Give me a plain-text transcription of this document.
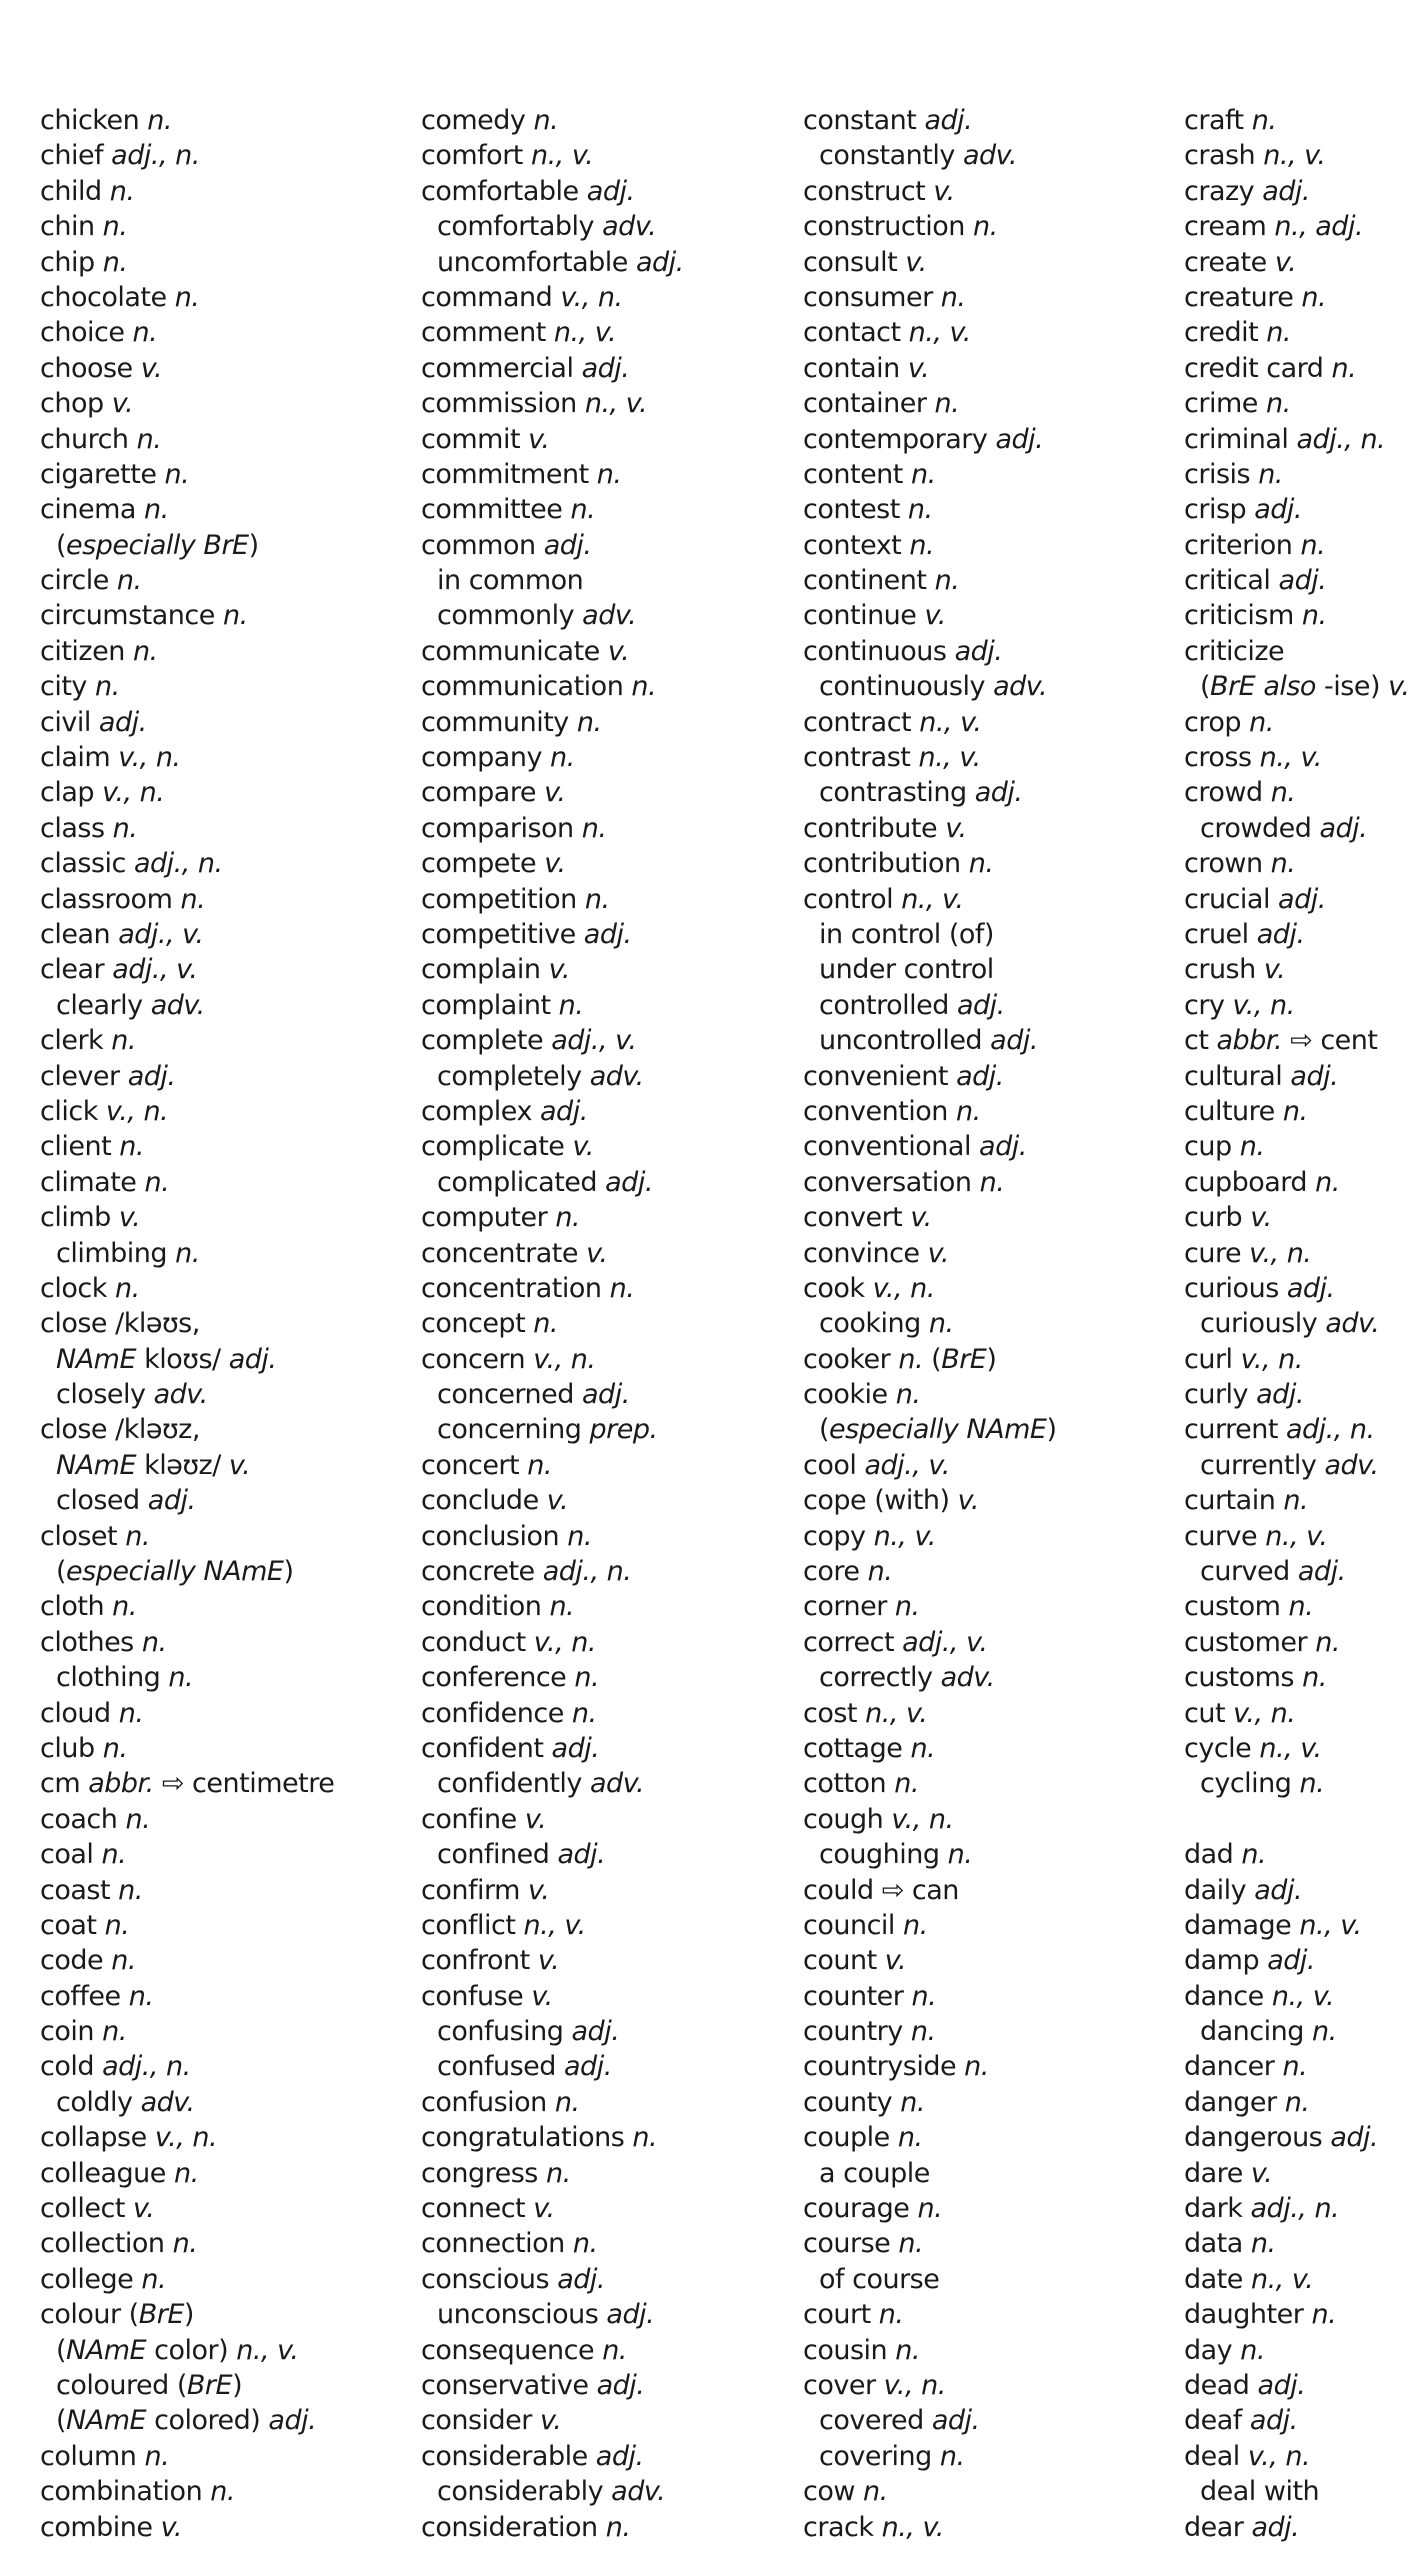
chicken n.
chief adj., n.
child n.
chin n.
chip n.
chocolate n.
choice n.
choose v.
chop v.
church n.
cigarette n.
cinema n.
(especially BrE)
circle n.
circumstance n.
citizen n.
city n.
civil adj.
claim v., n.
clap v., n.
class n.
classic adj., n.
classroom n.
clean adj., v.
clear adj., v.
clearly adv.
clerk n.
clever adj.
click v., n.
client n.
climate n.
climb v.
climbing n.
clock n.
close /kləʊs,
NAmE kloʊs/ adj.
closely adv.
close /kləʊz,
NAmE kləʊz/ v.
closed adj.
closet n.
(especially NAmE)
cloth n.
clothes n.
clothing n.
cloud n.
club n.
cm abbr. ⇨ centimetre
coach n.
coal n.
coast n.
coat n.
code n.
coffee n.
coin n.
cold adj., n.
coldly adv.
collapse v., n.
colleague n.
collect v.
collection n.
college n.
colour (BrE)
(NAmE color) n., v.
coloured (BrE)
(NAmE colored) adj.
column n.
combination n.
combine v.
comedy n.
comfort n., v.
comfortable adj.
comfortably adv.
uncomfortable adj.
command v., n.
comment n., v.
commercial adj.
commission n., v.
commit v.
commitment n.
committee n.
common adj.
in common
commonly adv.
communicate v.
communication n.
community n.
company n.
compare v.
comparison n.
compete v.
competition n.
competitive adj.
complain v.
complaint n.
complete adj., v.
completely adv.
complex adj.
complicate v.
complicated adj.
computer n.
concentrate v.
concentration n.
concept n.
concern v., n.
concerned adj.
concerning prep.
concert n.
conclude v.
conclusion n.
concrete adj., n.
condition n.
conduct v., n.
conference n.
confidence n.
confident adj.
confidently adv.
confine v.
confined adj.
confirm v.
conflict n., v.
confront v.
confuse v.
confusing adj.
confused adj.
confusion n.
congratulations n.
congress n.
connect v.
connection n.
conscious adj.
unconscious adj.
consequence n.
conservative adj.
consider v.
considerable adj.
considerably adv.
consideration n.
constant adj.
constantly adv.
construct v.
construction n.
consult v.
consumer n.
contact n., v.
contain v.
container n.
contemporary adj.
content n.
contest n.
context n.
continent n.
continue v.
continuous adj.
continuously adv.
contract n., v.
contrast n., v.
contrasting adj.
contribute v.
contribution n.
control n., v.
in control (of)
under control
controlled adj.
uncontrolled adj.
convenient adj.
convention n.
conventional adj.
conversation n.
convert v.
convince v.
cook v., n.
cooking n.
cooker n. (BrE)
cookie n.
(especially NAmE)
cool adj., v.
cope (with) v.
copy n., v.
core n.
corner n.
correct adj., v.
correctly adv.
cost n., v.
cottage n.
cotton n.
cough v., n.
coughing n.
could ⇨ can
council n.
count v.
counter n.
country n.
countryside n.
county n.
couple n.
a couple
courage n.
course n.
of course
court n.
cousin n.
cover v., n.
covered adj.
covering n.
cow n.
crack n., v.
craft n.
crash n., v.
crazy adj.
cream n., adj.
create v.
creature n.
credit n.
credit card n.
crime n.
criminal adj., n.
crisis n.
crisp adj.
criterion n.
critical adj.
criticism n.
criticize
(BrE also -ise) v.
crop n.
cross n., v.
crowd n.
crowded adj.
crown n.
crucial adj.
cruel adj.
crush v.
cry v., n.
ct abbr. ⇨ cent
cultural adj.
culture n.
cup n.
cupboard n.
curb v.
cure v., n.
curious adj.
curiously adv.
curl v., n.
curly adj.
current adj., n.
currently adv.
curtain n.
curve n., v.
curved adj.
custom n.
customer n.
customs n.
cut v., n.
cycle n., v.
cycling n.
dad n.
daily adj.
damage n., v.
damp adj.
dance n., v.
dancing n.
dancer n.
danger n.
dangerous adj.
dare v.
dark adj., n.
data n.
date n., v.
daughter n.
day n.
dead adj.
deaf adj.
deal v., n.
deal with
dear adj.
